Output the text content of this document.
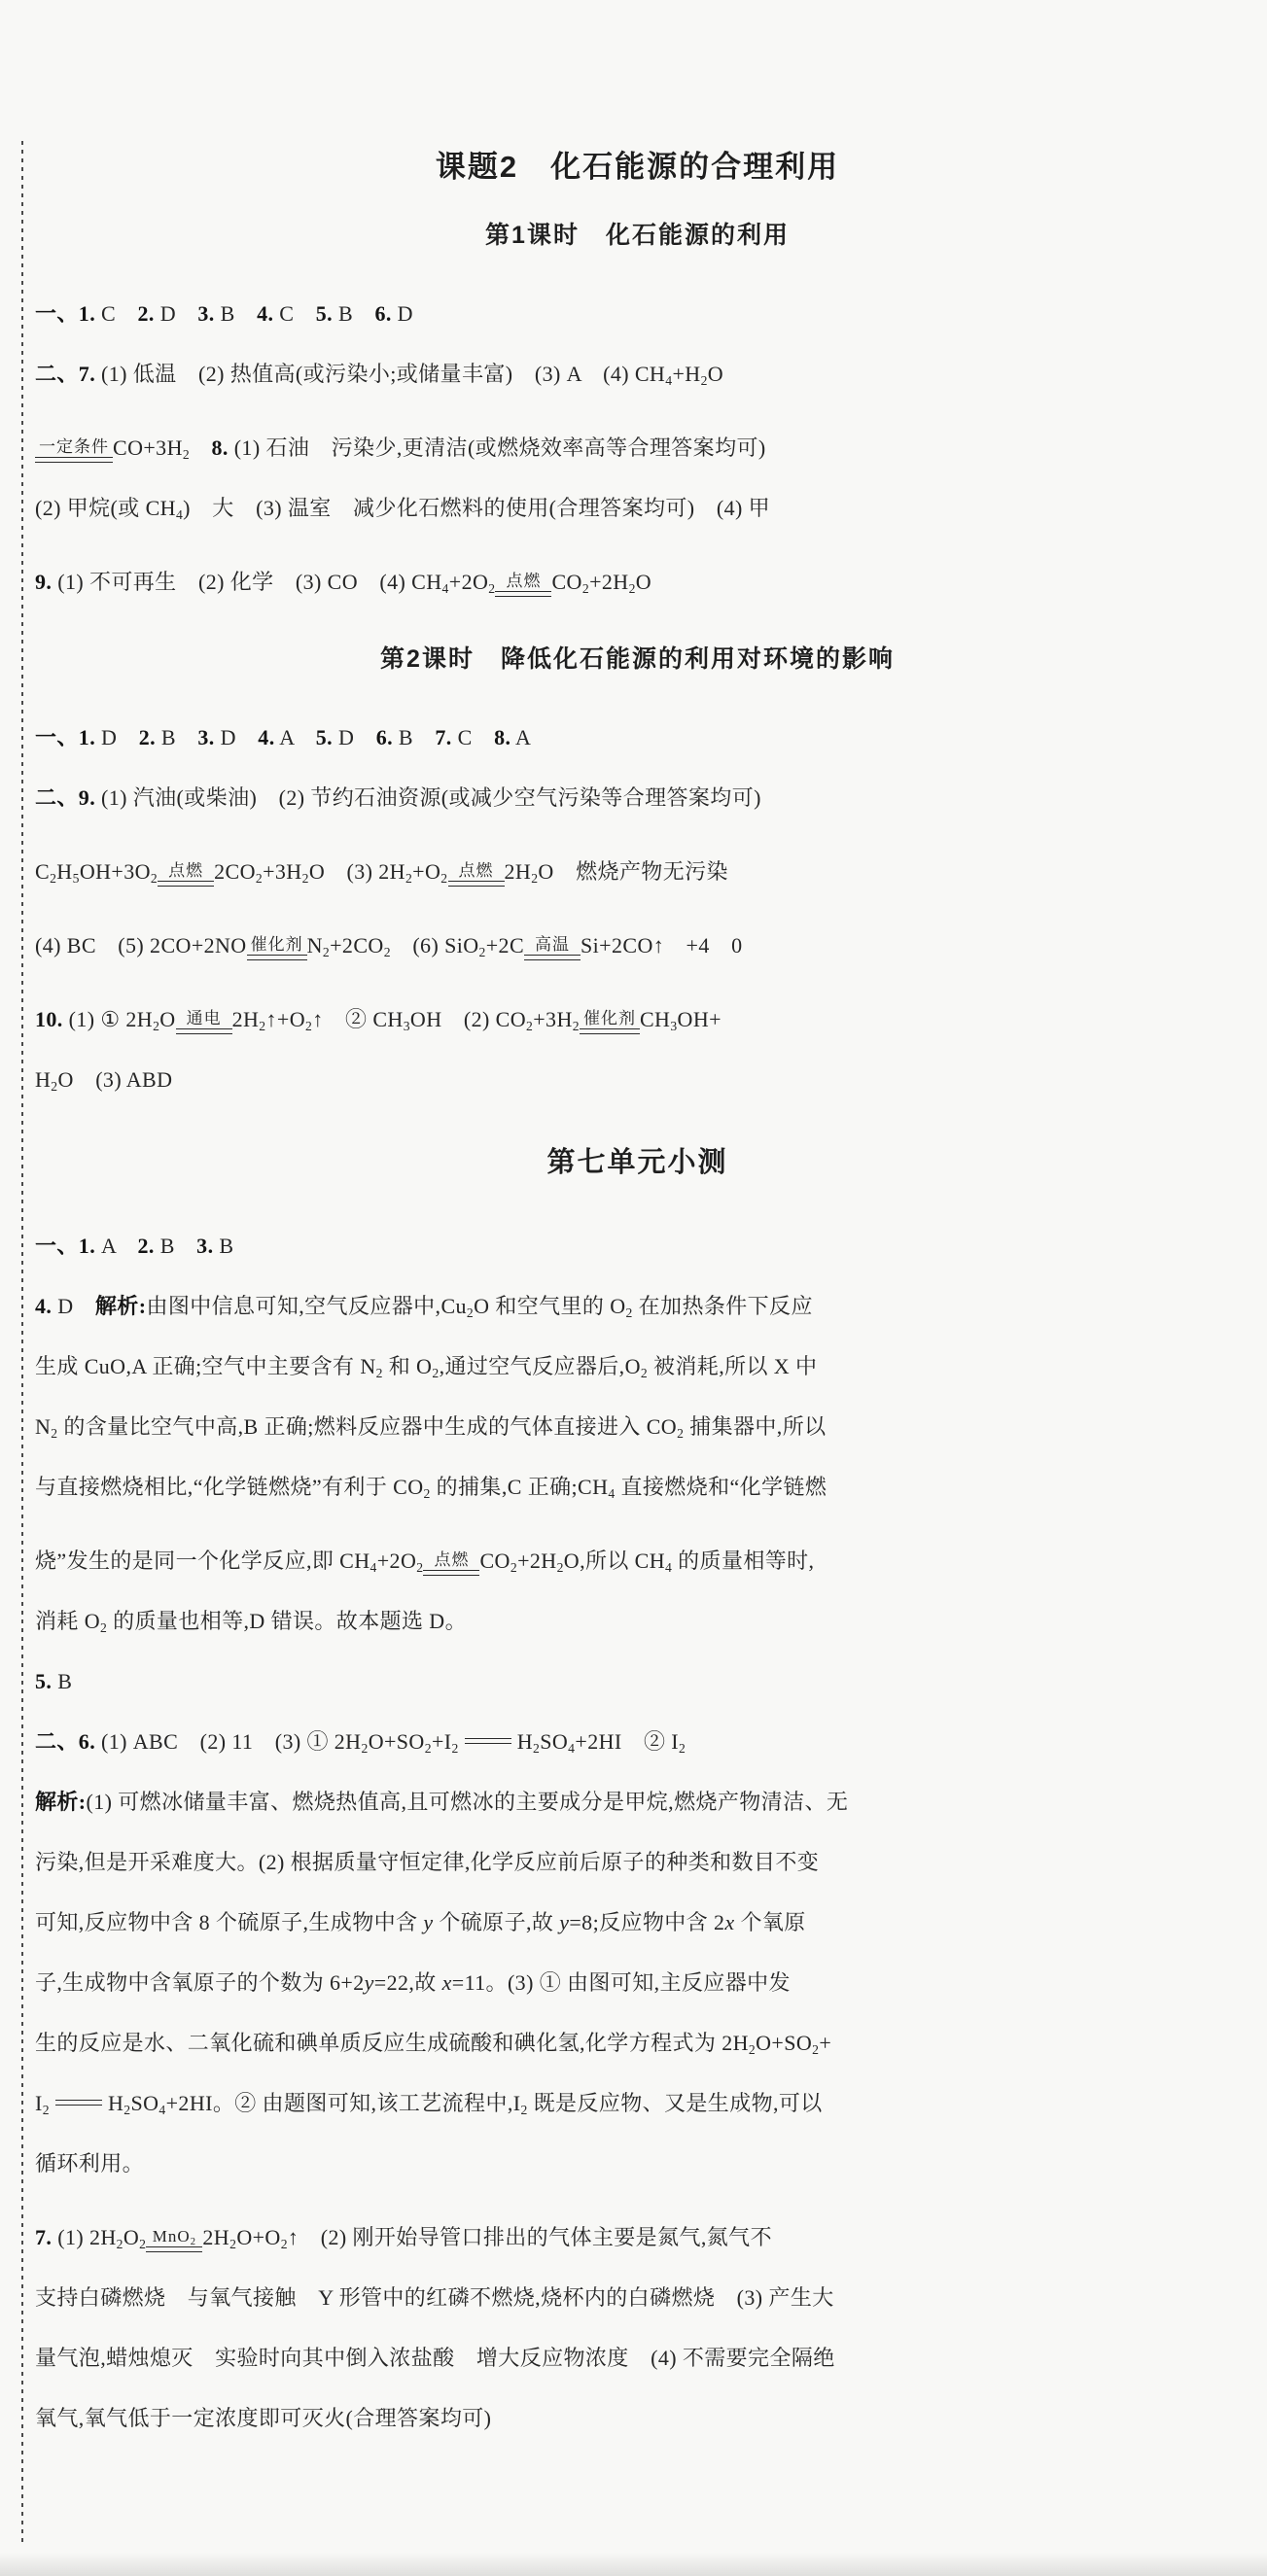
课题2　化石能源的合理利用
第1课时　化石能源的利用
一、1. C　2. D　3. B　4. C　5. B　6. D
二、7. (1) 低温　(2) 热值高(或污染小;或储量丰富)　(3) A　(4) $CH_4+H_2O$
一定条件 $CO+3H_2$　 8. (1) 石油　污染少,更清洁(或燃烧效率高等合理答案均可)
(2) 甲烷(或 $CH_4$)　大　(3) 温室　减少化石燃料的使用(合理答案均可)　(4) 甲
9. (1) 不可再生　(2) 化学　(3) CO　(4) $CH_4+2O_2$ 点燃 $CO_2+2H_2O$
第2课时　降低化石能源的利用对环境的影响
一、1. D　2. B　3. D　4. A　5. D　6. B　7. C　8. A
二、9. (1) 汽油(或柴油)　(2) 节约石油资源(或减少空气污染等合理答案均可)
$C_2H_5OH+3O_2$ 点燃 $2CO_2+3H_2O$　(3) $2H_2+O_2$ 点燃 $2H_2O$　燃烧产物无污染
(4) BC　(5) 2CO+2NO 催化剂 $N_2+2CO_2$　(6) SiO$_2$+2C 高温 Si+2CO↑　+4　0
10. (1) ① $2H_2O$ 通电 $2H_2↑+O_2↑$　② $CH_3OH$　(2) $CO_2+3H_2$ 催化剂 $CH_3OH+$
$H_2O$　(3) ABD
第七单元小测
一、1. A　2. B　3. B
4. D　解析:由图中信息可知,空气反应器中$,Cu_2O$ 和空气里的 $O_2$ 在加热条件下反应
生成 CuO,A 正确;空气中主要含有 $N_2$ 和 $O_2$,通过空气反应器后$,O_2$ 被消耗,所以 X 中
$N_2$ 的含量比空气中高,B 正确;燃料反应器中生成的气体直接进入 $CO_2$ 捕集器中,所以
与直接燃烧相比,“化学链燃烧”有利于 $CO_2$ 的捕集,C 正确$;CH_4$ 直接燃烧和“化学链燃
烧”发生的是同一个化学反应,即 $CH_4+2O_2$ 点燃 $CO_2+2H_2O$,所以 $CH_4$ 的质量相等时,
消耗 $O_2$ 的质量也相等,D 错误。故本题选 D。
5. B
二、6. (1) ABC　(2) 11　(3) ① $2H_2O+SO_2+I_2$	$H_2SO_4+2HI$　② $I_2$
解析:(1) 可燃冰储量丰富、燃烧热值高,且可燃冰的主要成分是甲烷,燃烧产物清洁、无
污染,但是开采难度大。(2) 根据质量守恒定律,化学反应前后原子的种类和数目不变
可知,反应物中含 8 个硫原子,生成物中含 y 个硫原子,故 y=8;反应物中含 2x 个氧原
子,生成物中含氧原子的个数为 6+2y=22,故 x=11。(3) ① 由图可知,主反应器中发
生的反应是水、二氧化硫和碘单质反应生成硫酸和碘化氢,化学方程式为 $2H_2O+SO_2+$
$I_2$	$H_2SO_4+2HI$。② 由题图可知,该工艺流程中$,I_2$ 既是反应物、又是生成物,可以
循环利用。
7. (1) $2H_2O_2$ MnO$_2$ $2H_2O+O_2↑$　(2) 刚开始导管口排出的气体主要是氮气,氮气不
支持白磷燃烧　与氧气接触　Y 形管中的红磷不燃烧,烧杯内的白磷燃烧　(3) 产生大
量气泡,蜡烛熄灭　实验时向其中倒入浓盐酸　增大反应物浓度　(4) 不需要完全隔绝
氧气,氧气低于一定浓度即可灭火(合理答案均可)
